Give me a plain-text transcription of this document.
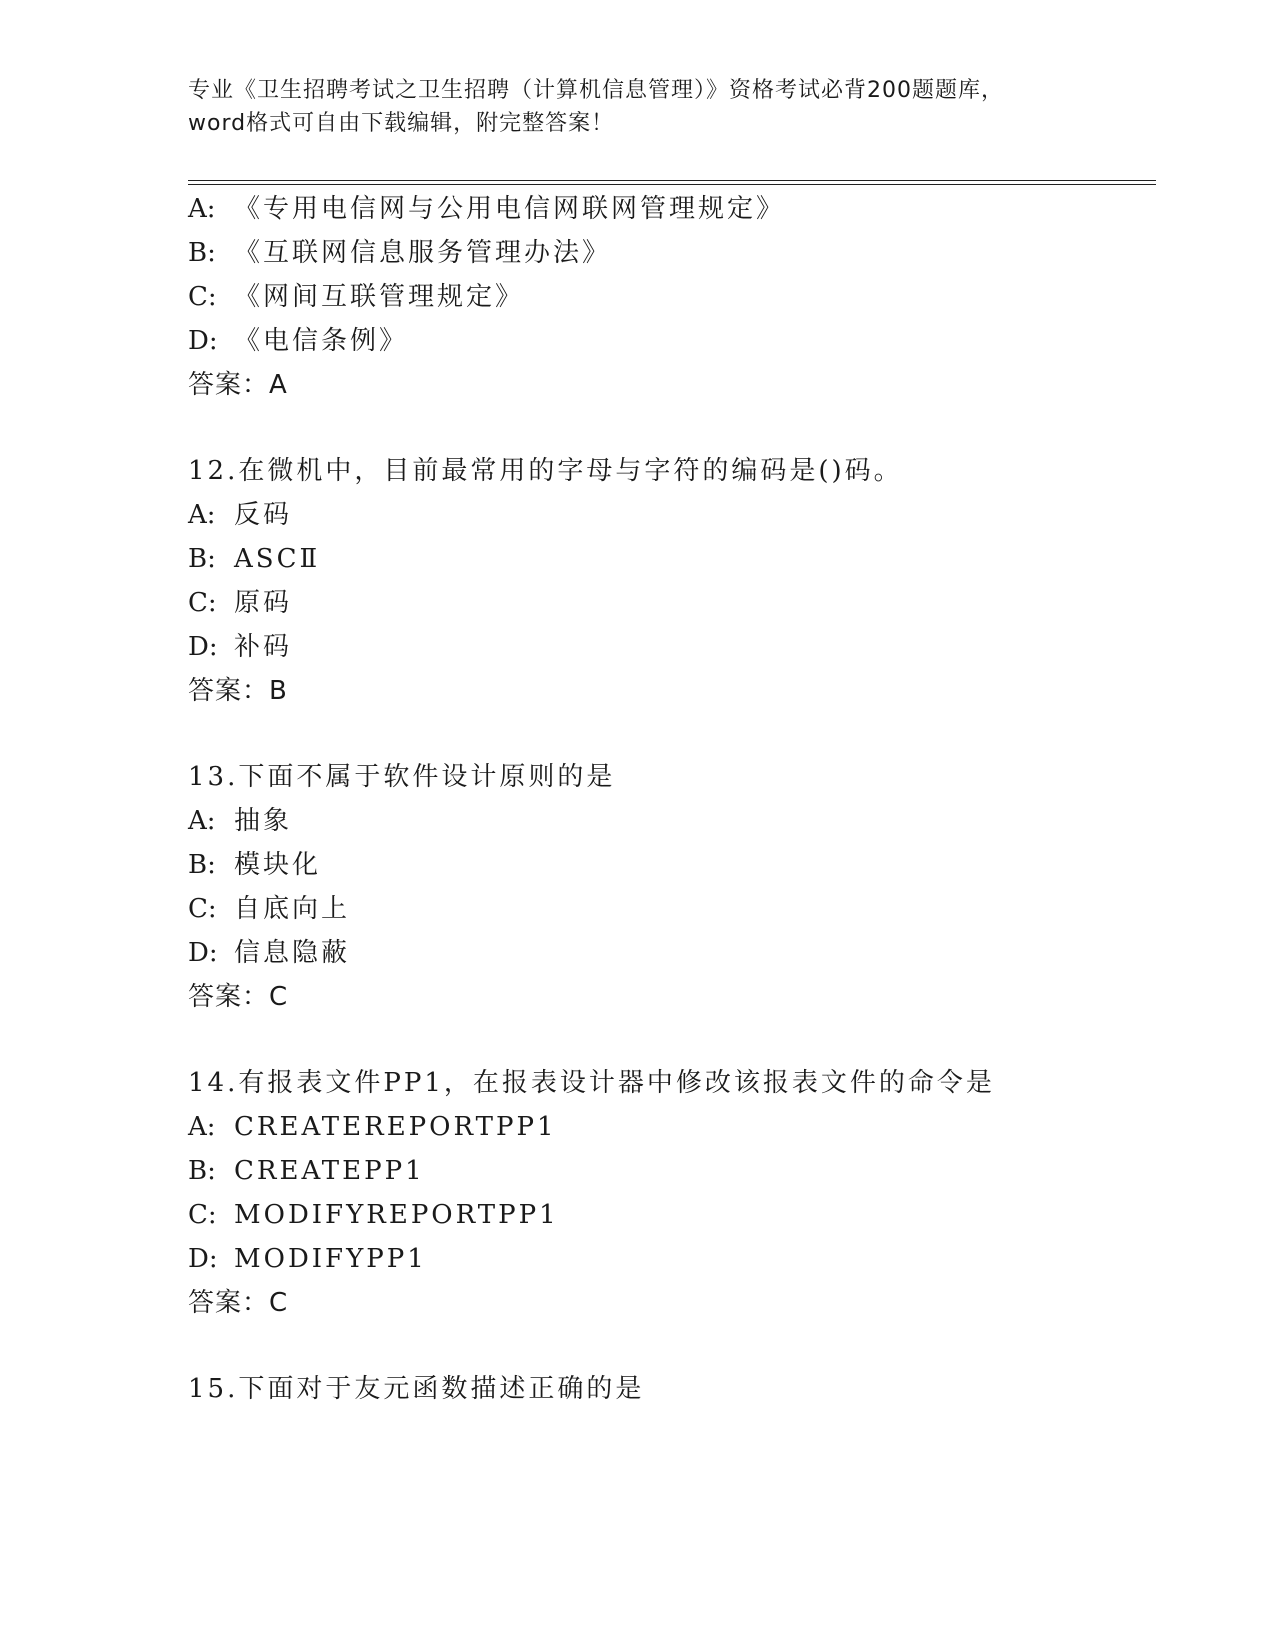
专业《卫生招聘考试之卫生招聘（计算机信息管理）》资格考试必背200题题库，
word格式可自由下载编辑，附完整答案！
A: 《专用电信网与公用电信网联网管理规定》
B: 《互联网信息服务管理办法》
C: 《网间互联管理规定》
D: 《电信条例》
答案：A
12.在微机中，目前最常用的字母与字符的编码是()码。
A: 反码
B: ASCⅡ
C: 原码
D: 补码
答案：B
13.下面不属于软件设计原则的是
A: 抽象
B: 模块化
C: 自底向上
D: 信息隐蔽
答案：C
14.有报表文件PP1，在报表设计器中修改该报表文件的命令是
A: CREATEREPORTPP1
B: CREATEPP1
C: MODIFYREPORTPP1
D: MODIFYPP1
答案：C
15.下面对于友元函数描述正确的是
